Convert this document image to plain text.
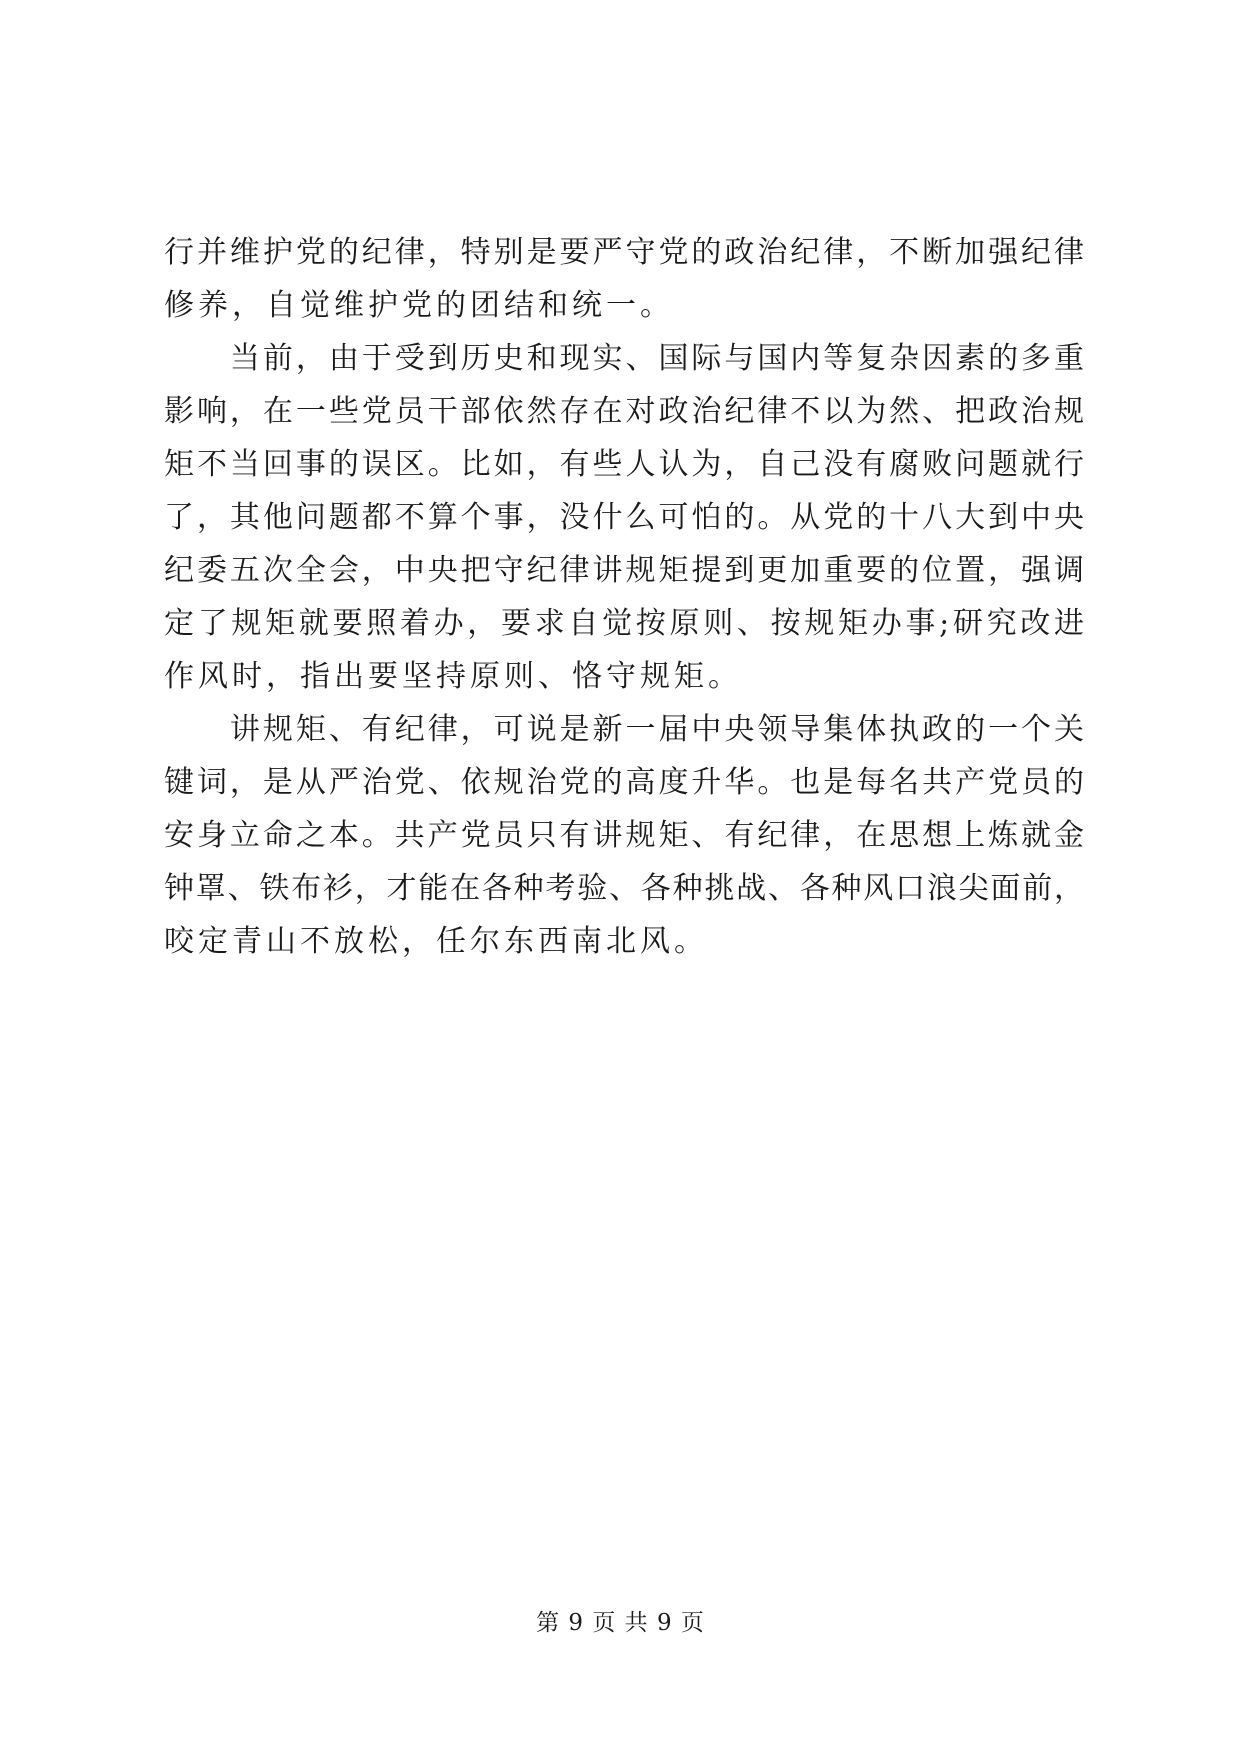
行并维护党的纪律，特别是要严守党的政治纪律，不断加强纪律
修养，自觉维护党的团结和统一。
　　当前，由于受到历史和现实、国际与国内等复杂因素的多重
影响，在一些党员干部依然存在对政治纪律不以为然、把政治规
矩不当回事的误区。比如，有些人认为，自己没有腐败问题就行
了，其他问题都不算个事，没什么可怕的。从党的十八大到中央
纪委五次全会，中央把守纪律讲规矩提到更加重要的位置，强调
定了规矩就要照着办，要求自觉按原则、按规矩办事;研究改进
作风时，指出要坚持原则、恪守规矩。
　　讲规矩、有纪律，可说是新一届中央领导集体执政的一个关
键词，是从严治党、依规治党的高度升华。也是每名共产党员的
安身立命之本。共产党员只有讲规矩、有纪律，在思想上炼就金
钟罩、铁布衫，才能在各种考验、各种挑战、各种风口浪尖面前，
咬定青山不放松，任尔东西南北风。
第 9 页 共 9 页
